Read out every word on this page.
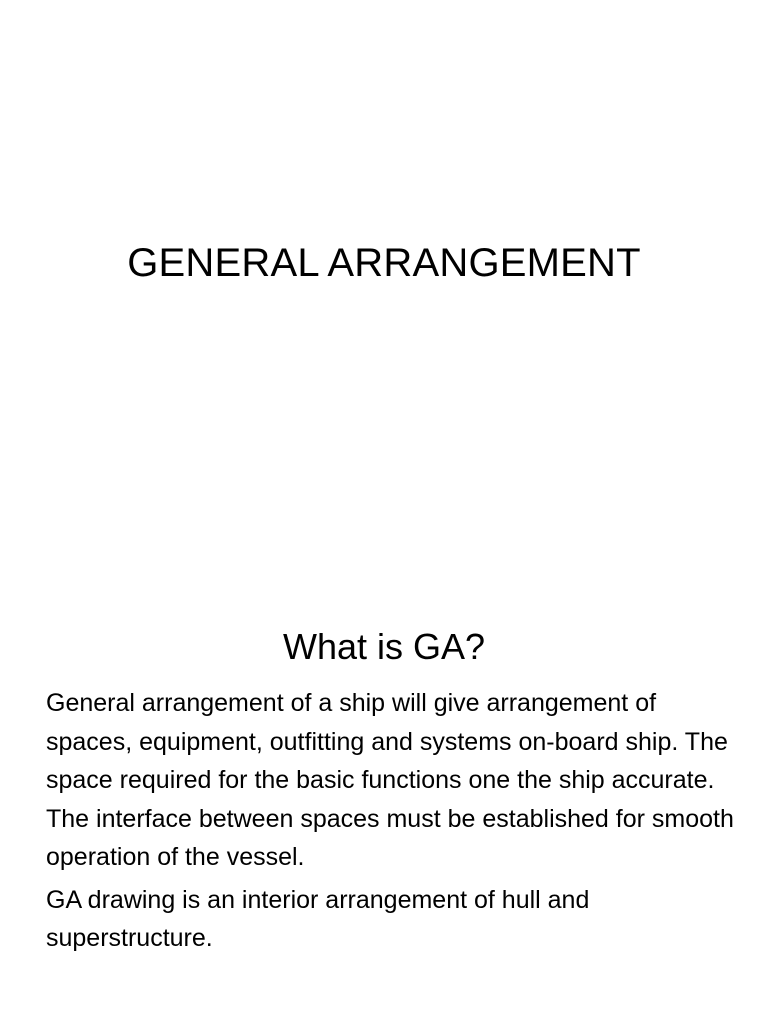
GENERAL ARRANGEMENT
What is GA?

General arrangement of a ship will give arrangement of spaces, equipment, outfitting and systems on-board ship. The space required for the basic functions one the ship accurate. The interface between spaces must be established for smooth operation of the vessel.

GA drawing is an interior arrangement of hull and superstructure.
